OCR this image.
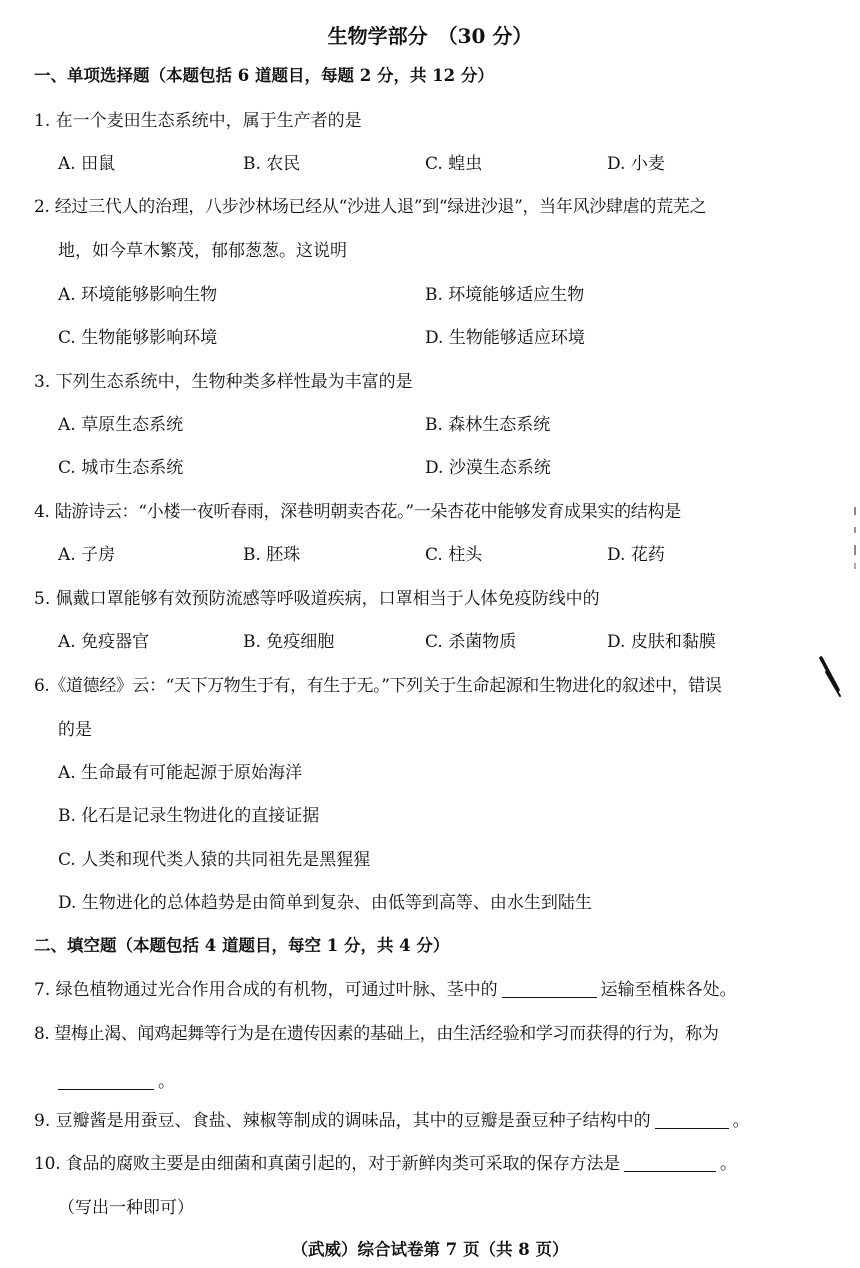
生物学部分　（30 分）
一、单项选择题（本题包括 6 道题目，每题 2 分，共 12 分）
1. 在一个麦田生态系统中，属于生产者的是
A. 田鼠	B. 农民	C. 蝗虫	D. 小麦
2. 经过三代人的治理，八步沙林场已经从“沙进人退”到“绿进沙退”，当年风沙肆虐的荒芜之
地，如今草木繁茂，郁郁葱葱。这说明
A. 环境能够影响生物	B. 环境能够适应生物
C. 生物能够影响环境	D. 生物能够适应环境
3. 下列生态系统中，生物种类多样性最为丰富的是
A. 草原生态系统	B. 森林生态系统
C. 城市生态系统	D. 沙漠生态系统
4. 陆游诗云：“小楼一夜听春雨，深巷明朝卖杏花。”一朵杏花中能够发育成果实的结构是
A. 子房	B. 胚珠	C. 柱头	D. 花药
5. 佩戴口罩能够有效预防流感等呼吸道疾病，口罩相当于人体免疫防线中的
A. 免疫器官	B. 免疫细胞	C. 杀菌物质	D. 皮肤和黏膜
6.《道德经》云：“天下万物生于有，有生于无。”下列关于生命起源和生物进化的叙述中，错误
的是
A. 生命最有可能起源于原始海洋
B. 化石是记录生物进化的直接证据
C. 人类和现代类人猿的共同祖先是黑猩猩
D. 生物进化的总体趋势是由简单到复杂、由低等到高等、由水生到陆生
二、填空题（本题包括 4 道题目，每空 1 分，共 4 分）
7. 绿色植物通过光合作用合成的有机物，可通过叶脉、茎中的	运输至植株各处。
8. 望梅止渴、闻鸡起舞等行为是在遗传因素的基础上，由生活经验和学习而获得的行为，称为
。
9. 豆瓣酱是用蚕豆、食盐、辣椒等制成的调味品，其中的豆瓣是蚕豆种子结构中的	。
10. 食品的腐败主要是由细菌和真菌引起的，对于新鲜肉类可采取的保存方法是	。
（写出一种即可）
（武威）综合试卷第 7 页（共 8 页）
